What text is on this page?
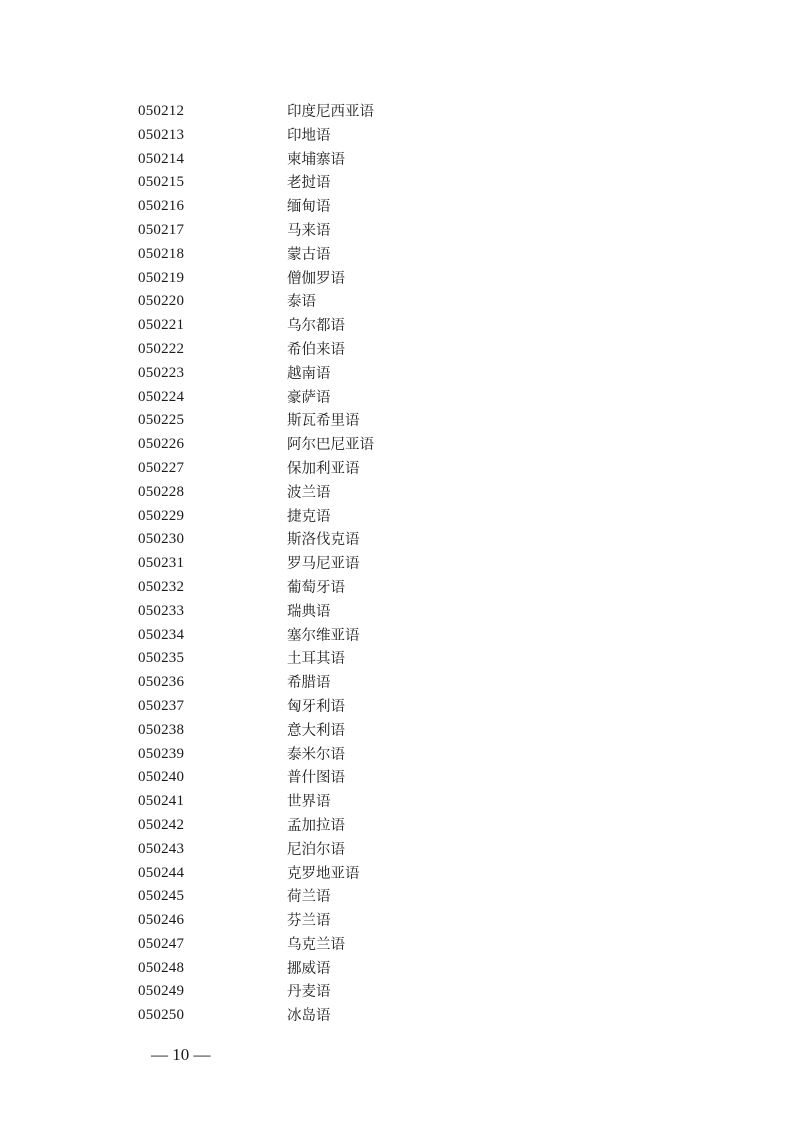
050212	印度尼西亚语
050213	印地语
050214	柬埔寨语
050215	老挝语
050216	缅甸语
050217	马来语
050218	蒙古语
050219	僧伽罗语
050220	泰语
050221	乌尔都语
050222	希伯来语
050223	越南语
050224	豪萨语
050225	斯瓦希里语
050226	阿尔巴尼亚语
050227	保加利亚语
050228	波兰语
050229	捷克语
050230	斯洛伐克语
050231	罗马尼亚语
050232	葡萄牙语
050233	瑞典语
050234	塞尔维亚语
050235	土耳其语
050236	希腊语
050237	匈牙利语
050238	意大利语
050239	泰米尔语
050240	普什图语
050241	世界语
050242	孟加拉语
050243	尼泊尔语
050244	克罗地亚语
050245	荷兰语
050246	芬兰语
050247	乌克兰语
050248	挪威语
050249	丹麦语
050250	冰岛语
— 10 —
